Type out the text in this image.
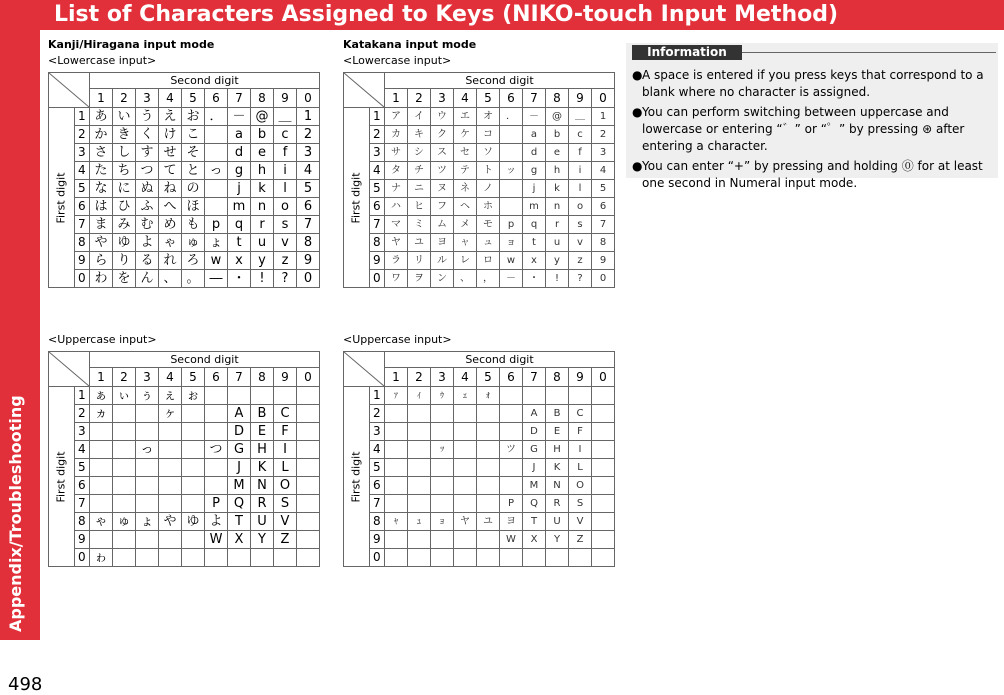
Appendix/Troubleshooting
List of Characters Assigned to Keys (NIKO-touch Input Method)
498
Kanji/Hiragana input mode
<Lowercase input>
Katakana input mode
<Lowercase input>
<Uppercase input>	<Uppercase input>
	Second digit									
		1	2	3	4	5	6	7	8	9	0

First digit	1	あ	い	う	え	お	．	－	@	＿	1
	2	か	き	く	け	こ		a	b	c	2
	3	さ	し	す	せ	そ		d	e	f	3
	4	た	ち	つ	て	と	っ	g	h	i	4
	5	な	に	ぬ	ね	の		j	k	l	5
	6	は	ひ	ふ	へ	ほ		m	n	o	6
	7	ま	み	む	め	も	p	q	r	s	7
	8	や	ゆ	よ	ゃ	ゅ	ょ	t	u	v	8
	9	ら	り	る	れ	ろ	w	x	y	z	9
	0	わ	を	ん	、	。	―	・	!	?	0
	Second digit									
		1	2	3	4	5	6	7	8	9	0

First digit	1	ア	イ	ウ	エ	オ	．	－	@	＿	1
	2	カ	キ	ク	ケ	コ		a	b	c	2
	3	サ	シ	ス	セ	ソ		d	e	f	3
	4	タ	チ	ツ	テ	ト	ッ	g	h	i	4
	5	ナ	ニ	ヌ	ネ	ノ		j	k	l	5
	6	ハ	ヒ	フ	ヘ	ホ		m	n	o	6
	7	マ	ミ	ム	メ	モ	p	q	r	s	7
	8	ヤ	ユ	ヨ	ャ	ュ	ョ	t	u	v	8
	9	ラ	リ	ル	レ	ロ	w	x	y	z	9
	0	ワ	ヲ	ン	、	，	－	・	!	?	0
	Second digit									
		1	2	3	4	5	6	7	8	9	0

First digit	1	ぁ	ぃ	ぅ	ぇ	ぉ					
	2	ヵ			ヶ			A	B	C	
	3							D	E	F	
	4			っ			つ	G	H	I	
	5							J	K	L	
	6							M	N	O	
	7						P	Q	R	S	
	8	ゃ	ゅ	ょ	や	ゆ	よ	T	U	V	
	9						W	X	Y	Z	
	0	ゎ									
	Second digit									
		1	2	3	4	5	6	7	8	9	0

First digit	1	ｧ	ｨ	ｩ	ｪ	ｫ					
	2							A	B	C	
	3							D	E	F	
	4			ｯ			ツ	G	H	I	
	5							J	K	L	
	6							M	N	O	
	7						P	Q	R	S	
	8	ｬ	ｭ	ｮ	ヤ	ユ	ヨ	T	U	V	
	9						W	X	Y	Z	
	0										
Information
● A space is entered if you press keys that correspond to a blank where no character is assigned.
● You can perform switching between uppercase and lowercase or entering “゛” or “゜” by pressing ⊛ after entering a character.
● You can enter “+” by pressing and holding ⓪ for at least one second in Numeral input mode.
